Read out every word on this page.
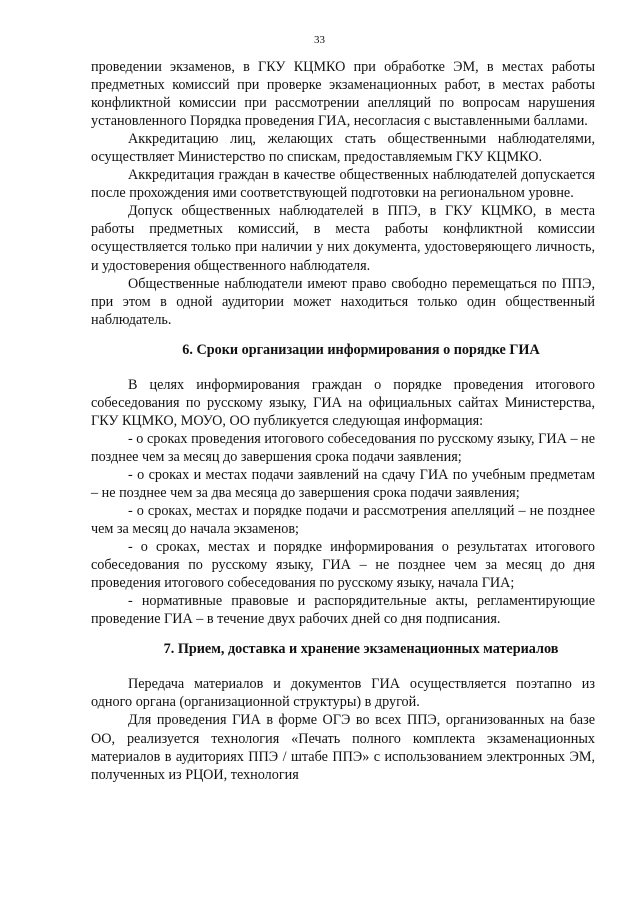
33

проведении экзаменов, в ГКУ КЦМКО при обработке ЭМ, в местах работы предметных комиссий при проверке экзаменационных работ, в местах работы конфликтной комиссии при рассмотрении апелляций по вопросам нарушения установленного Порядка проведения ГИА, несогласия с выставленными баллами.

Аккредитацию лиц, желающих стать общественными наблюдателями, осуществляет Министерство по спискам, предоставляемым ГКУ КЦМКО.

Аккредитация граждан в качестве общественных наблюдателей допускается после прохождения ими соответствующей подготовки на региональном уровне.

Допуск общественных наблюдателей в ППЭ, в ГКУ КЦМКО, в места работы предметных комиссий, в места работы конфликтной комиссии осуществляется только при наличии у них документа, удостоверяющего личность, и удостоверения общественного наблюдателя.

Общественные наблюдатели имеют право свободно перемещаться по ППЭ, при этом в одной аудитории может находиться только один общественный наблюдатель.

6. Сроки организации информирования о порядке ГИА

В целях информирования граждан о порядке проведения итогового собеседования по русскому языку, ГИА на официальных сайтах Министерства, ГКУ КЦМКО, МОУО, ОО публикуется следующая информация:

- о сроках проведения итогового собеседования по русскому языку, ГИА – не позднее чем за месяц до завершения срока подачи заявления;

- о сроках и местах подачи заявлений на сдачу ГИА по учебным предметам – не позднее чем за два месяца до завершения срока подачи заявления;

- о сроках, местах и порядке подачи и рассмотрения апелляций – не позднее чем за месяц до начала экзаменов;

- о сроках, местах и порядке информирования о результатах итогового собеседования по русскому языку, ГИА – не позднее чем за месяц до дня проведения итогового собеседования по русскому языку, начала ГИА;

- нормативные правовые и распорядительные акты, регламентирующие проведение ГИА – в течение двух рабочих дней со дня подписания.

7. Прием, доставка и хранение экзаменационных материалов

Передача материалов и документов ГИА осуществляется поэтапно из одного органа (организационной структуры) в другой.

Для проведения ГИА в форме ОГЭ во всех ППЭ, организованных на базе ОО, реализуется технология «Печать полного комплекта экзаменационных материалов в аудиториях ППЭ / штабе ППЭ» с использованием электронных ЭМ, полученных из РЦОИ, технология
